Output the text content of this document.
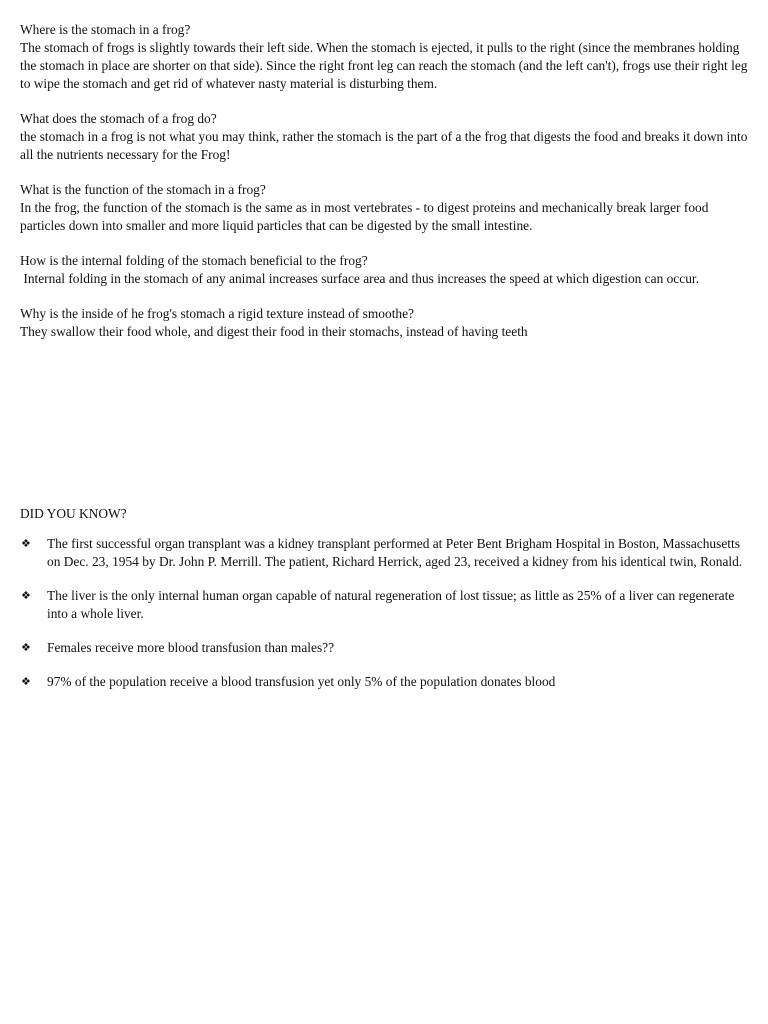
Where is the stomach in a frog?

The stomach of frogs is slightly towards their left side. When the stomach is ejected, it pulls to the right (since the membranes holding the stomach in place are shorter on that side). Since the right front leg can reach the stomach (and the left can't), frogs use their right leg to wipe the stomach and get rid of whatever nasty material is disturbing them.

What does the stomach of a frog do?

the stomach in a frog is not what you may think, rather the stomach is the part of a the frog that digests the food and breaks it down into all the nutrients necessary for the Frog!

What is the function of the stomach in a frog?

In the frog, the function of the stomach is the same as in most vertebrates - to digest proteins and mechanically break larger food particles down into smaller and more liquid particles that can be digested by the small intestine.

How is the internal folding of the stomach beneficial to the frog?

Internal folding in the stomach of any animal increases surface area and thus increases the speed at which digestion can occur.

Why is the inside of he frog's stomach a rigid texture instead of smoothe?

They swallow their food whole, and digest their food in their stomachs, instead of having teeth

DID YOU KNOW?

❖ The first successful organ transplant was a kidney transplant performed at Peter Bent Brigham Hospital in Boston, Massachusetts on Dec. 23, 1954 by Dr. John P. Merrill. The patient, Richard Herrick, aged 23, received a kidney from his identical twin, Ronald.
❖ The liver is the only internal human organ capable of natural regeneration of lost tissue; as little as 25% of a liver can regenerate into a whole liver.
❖ Females receive more blood transfusion than males??
❖ 97% of the population receive a blood transfusion yet only 5% of the population donates blood
